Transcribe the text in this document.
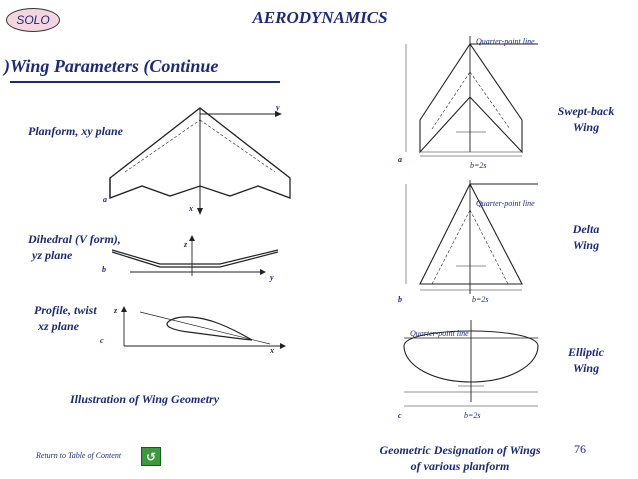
SOLO	AERODYNAMICS
)Wing Parameters (Continue
Planform, xy plane
Dihedral (V form),
yz plane
Profile, twist
xz plane
Illustration of Wing Geometry
y
x
a
z
y
b
z
x
c
a
Quarter-point line
b=2s
b
Quarter-point line
b=2s
c
Quarter-point line
b=2s
Swept-back
Wing
Delta
Wing
Elliptic
Wing
Geometric Designation of Wings
of various planform
Return to Table of Content	↺
76
